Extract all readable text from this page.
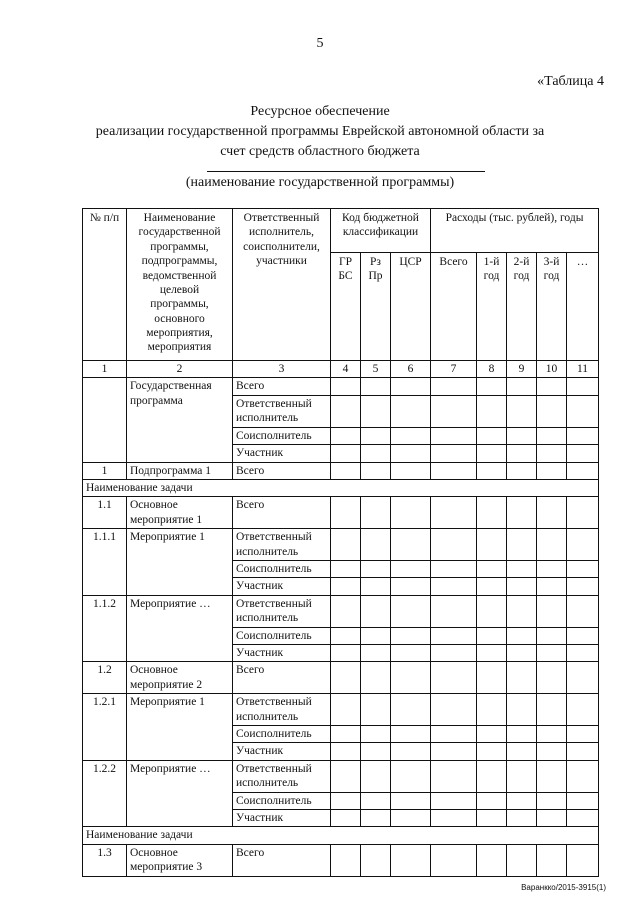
5
«Таблица 4
Ресурсное обеспечение
реализации государственной программы Еврейской автономной области за
счет средств областного бюджета
(наименование государственной программы)
№ п/п	Наименование государственной программы, подпрограммы, ведомственной целевой программы, основного мероприятия, мероприятия	Ответственный исполнитель, соисполнители, участники	Код бюджетной классификации			Расходы (тыс. рублей), годы				
			ГР БС	Рз Пр	ЦСР	Всего	1-й год	2-й год	3-й год	…
1	2	3	4	5	6	7	8	9	10	11
	Государственная программа	Всего								
		Ответственный исполнитель								
		Соисполнитель								
		Участник								
1	Подпрограмма 1	Всего								
Наименование задачи										
1.1	Основное мероприятие 1	Всего								
1.1.1	Мероприятие 1	Ответственный исполнитель								
		Соисполнитель								
		Участник								
1.1.2	Мероприятие …	Ответственный исполнитель								
		Соисполнитель								
		Участник								
1.2	Основное мероприятие 2	Всего								
1.2.1	Мероприятие 1	Ответственный исполнитель								
		Соисполнитель								
		Участник								
1.2.2	Мероприятие …	Ответственный исполнитель								
		Соисполнитель								
		Участник								
Наименование задачи										
1.3	Основное мероприятие 3	Всего								
Варанкко/2015-3915(1)
